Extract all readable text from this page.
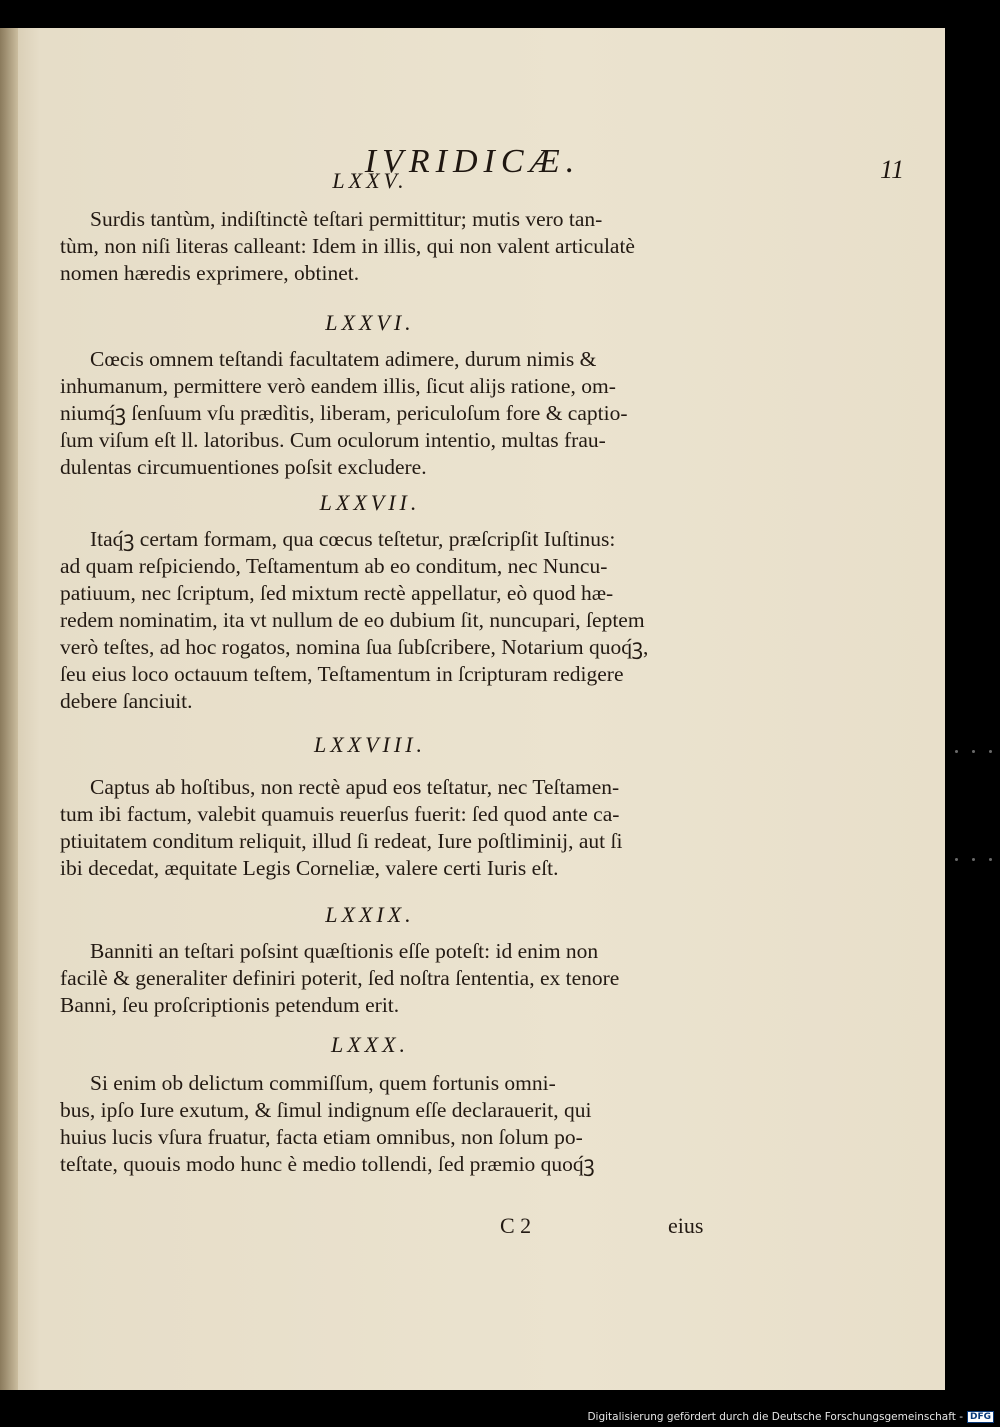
IVRIDICÆ.	11
LXXV.
Surdis tantùm, indiſtinctè teſtari permittitur; mutis vero tan-
tùm, non niſi literas calleant: Idem in illis, qui non valent articulatè
nomen hæredis exprimere, obtinet.
LXXVI.
Cœcis omnem teſtandi facultatem adimere, durum nimis &
inhumanum, permittere verò eandem illis, ſicut alijs ratione, om-
niumq́ꝫ ſenſuum vſu prædìtis, liberam, periculoſum fore & captio-
ſum viſum eſt ll. latoribus. Cum oculorum intentio, multas frau-
dulentas circumuentiones poſsit excludere.
LXXVII.
Itaq́ꝫ certam formam, qua cœcus teſtetur, præſcripſit Iuſtinus:
ad quam reſpiciendo, Teſtamentum ab eo conditum, nec Nuncu-
patiuum, nec ſcriptum, ſed mixtum rectè appellatur, eò quod hæ-
redem nominatim, ita vt nullum de eo dubium ſit, nuncupari, ſeptem
verò teſtes, ad hoc rogatos, nomina ſua ſubſcribere, Notarium quoq́ꝫ,
ſeu eius loco octauum teſtem, Teſtamentum in ſcripturam redigere
debere ſanciuit.
LXXVIII.
Captus ab hoſtibus, non rectè apud eos teſtatur, nec Teſtamen-
tum ibi factum, valebit quamuis reuerſus fuerit: ſed quod ante ca-
ptiuitatem conditum reliquit, illud ſi redeat, Iure poſtliminij, aut ſi
ibi decedat, æquitate Legis Corneliæ, valere certi Iuris eſt.
LXXIX.
Banniti an teſtari poſsint quæſtionis eſſe poteſt: id enim non
facilè & generaliter definiri poterit, ſed noſtra ſententia, ex tenore
Banni, ſeu proſcriptionis petendum erit.
LXXX.
Si enim ob delictum commiſſum, quem fortunis omni-
bus, ipſo Iure exutum, & ſimul indignum eſſe declarauerit, qui
huius lucis vſura fruatur, facta etiam omnibus, non ſolum po-
teſtate, quouis modo hunc è medio tollendi, ſed præmio quoq́ꝫ
C 2	eius
Digitalisierung gefördert durch die Deutsche Forschungsgemeinschaft - DFG
